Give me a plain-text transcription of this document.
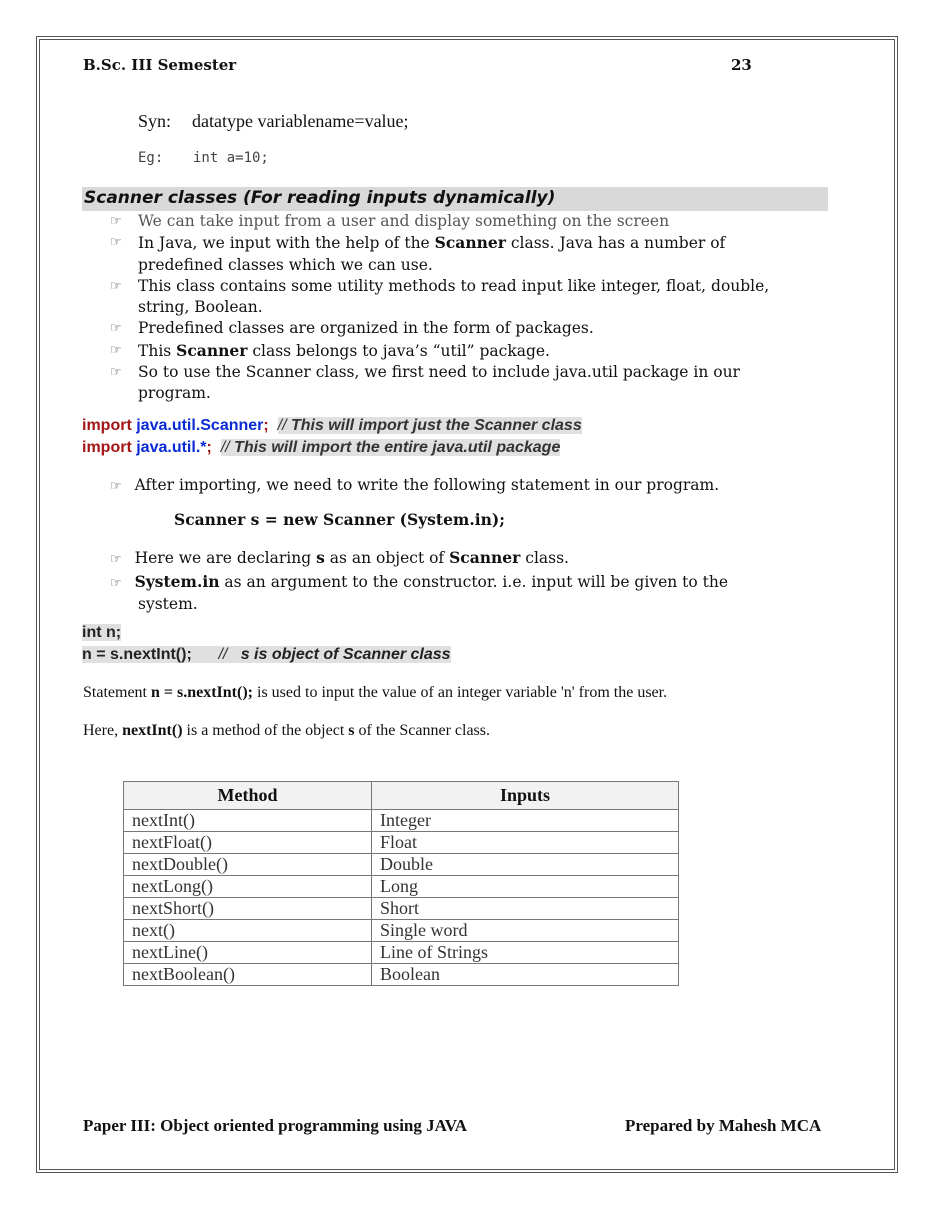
B.Sc. III Semester	23
Syn: datatype variablename=value;
Eg: int a=10;
Scanner classes (For reading inputs dynamically)
☞ We can take input from a user and display something on the screen
☞ In Java, we input with the help of the Scanner class. Java has a number of
predefined classes which we can use.
☞ This class contains some utility methods to read input like integer, float, double,
string, Boolean.
☞ Predefined classes are organized in the form of packages.
☞ This Scanner class belongs to java’s “util” package.
☞ So to use the Scanner class, we first need to include java.util package in our
program.
import java.util.Scanner; // This will import just the Scanner class
import java.util.*; // This will import the entire java.util package
☞ After importing, we need to write the following statement in our program.
Scanner s = new Scanner (System.in);
☞ Here we are declaring s as an object of Scanner class.
☞ System.in as an argument to the constructor. i.e. input will be given to the
system.
int n;
n = s.nextInt(); // s is object of Scanner class
Statement n = s.nextInt(); is used to input the value of an integer variable 'n' from the user.
Here, nextInt() is a method of the object s of the Scanner class.
Method	Inputs
nextInt()	Integer
nextFloat()	Float
nextDouble()	Double
nextLong()	Long
nextShort()	Short
next()	Single word
nextLine()	Line of Strings
nextBoolean()	Boolean
Paper III: Object oriented programming using JAVA	Prepared by Mahesh MCA
